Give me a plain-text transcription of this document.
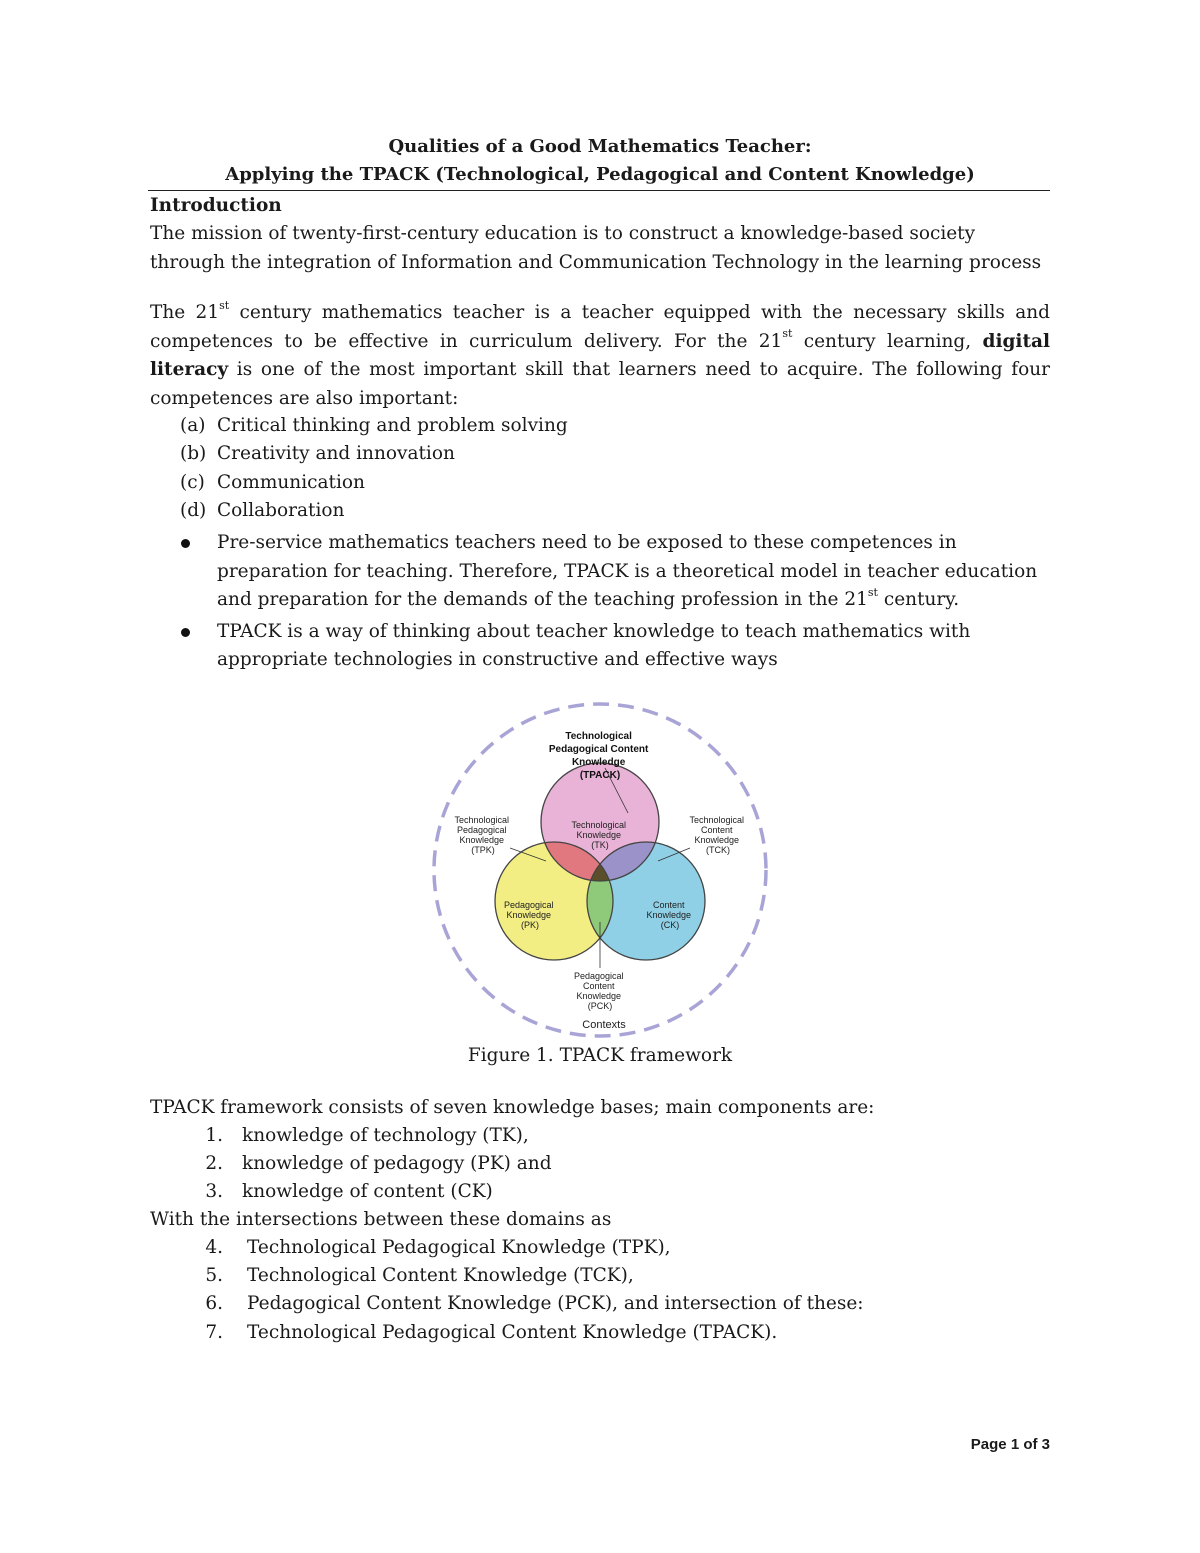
Qualities of a Good Mathematics Teacher:
Applying the TPACK (Technological, Pedagogical and Content Knowledge)
Introduction
The mission of twenty-first-century education is to construct a knowledge-based society through the integration of Information and Communication Technology in the learning process
The 21st century mathematics teacher is a teacher equipped with the necessary skills and competences to be effective in curriculum delivery. For the 21st century learning, digital literacy is one of the most important skill that learners need to acquire. The following four competences are also important:
(a) Critical thinking and problem solving
(b) Creativity and innovation
(c) Communication
(d) Collaboration
Pre-service mathematics teachers need to be exposed to these competences in preparation for teaching. Therefore, TPACK is a theoretical model in teacher education and preparation for the demands of the teaching profession in the 21st century.
TPACK is a way of thinking about teacher knowledge to teach mathematics with appropriate technologies in constructive and effective ways
Technological Pedagogical Content Knowledge (TPACK)
Technological Pedagogical Knowledge (TPK)
Technological Content Knowledge (TCK)
Technological Knowledge (TK)
Pedagogical Knowledge (PK)
Content Knowledge (CK)
Pedagogical Content Knowledge (PCK)
Contexts
Figure 1. TPACK framework
TPACK framework consists of seven knowledge bases; main components are:
1. knowledge of technology (TK),
2. knowledge of pedagogy (PK) and
3. knowledge of content (CK)
With the intersections between these domains as
4. Technological Pedagogical Knowledge (TPK),
5. Technological Content Knowledge (TCK),
6. Pedagogical Content Knowledge (PCK), and intersection of these:
7. Technological Pedagogical Content Knowledge (TPACK).
Page 1 of 3
